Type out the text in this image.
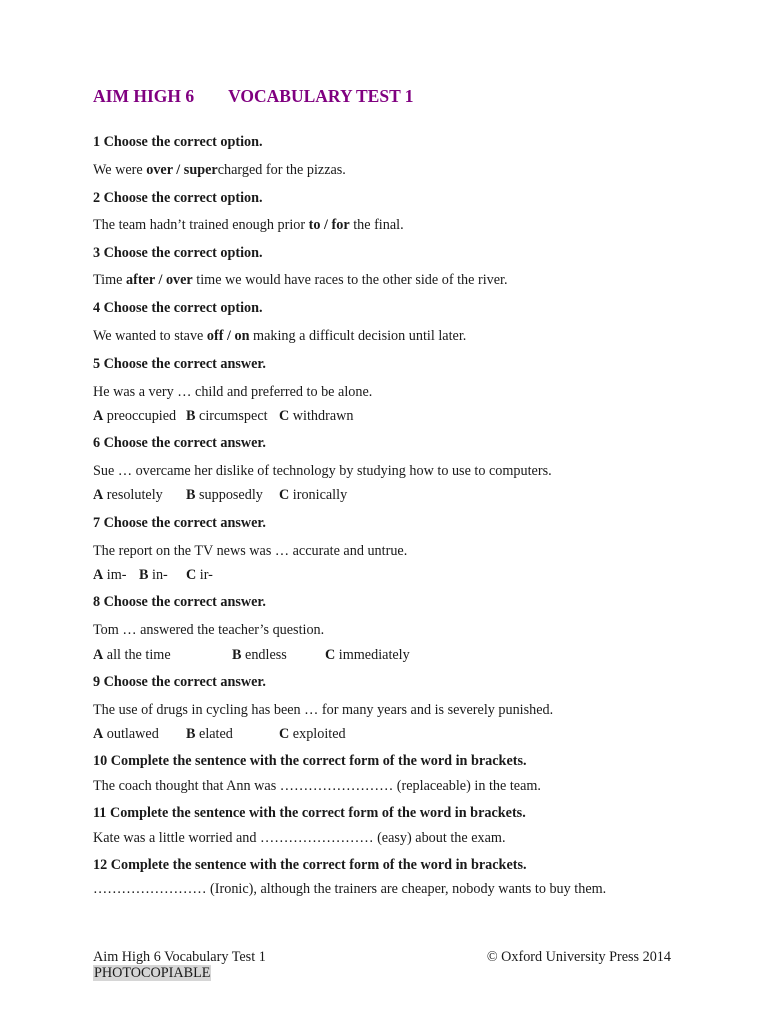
AIM HIGH 6 VOCABULARY TEST 1
1 Choose the correct option.
We were over / supercharged for the pizzas.
2 Choose the correct option.
The team hadn’t trained enough prior to / for the final.
3 Choose the correct option.
Time after / over time we would have races to the other side of the river.
4 Choose the correct option.
We wanted to stave off / on making a difficult decision until later.
5 Choose the correct answer.
He was a very … child and preferred to be alone.
A preoccupied B circumspect C withdrawn
6 Choose the correct answer.
Sue … overcame her dislike of technology by studying how to use to computers.
A resolutely B supposedly C ironically
7 Choose the correct answer.
The report on the TV news was … accurate and untrue.
A im- B in- C ir-
8 Choose the correct answer.
Tom … answered the teacher’s question.
A all the time	B endless	C immediately
9 Choose the correct answer.
The use of drugs in cycling has been … for many years and is severely punished.
A outlawed B elated	C exploited
10 Complete the sentence with the correct form of the word in brackets.
The coach thought that Ann was …………………… (replaceable) in the team.
11 Complete the sentence with the correct form of the word in brackets.
Kate was a little worried and …………………… (easy) about the exam.
12 Complete the sentence with the correct form of the word in brackets.
…………………… (Ironic), although the trainers are cheaper, nobody wants to buy them.
Aim High 6 Vocabulary Test 1
PHOTOCOPIABLE
© Oxford University Press 2014
